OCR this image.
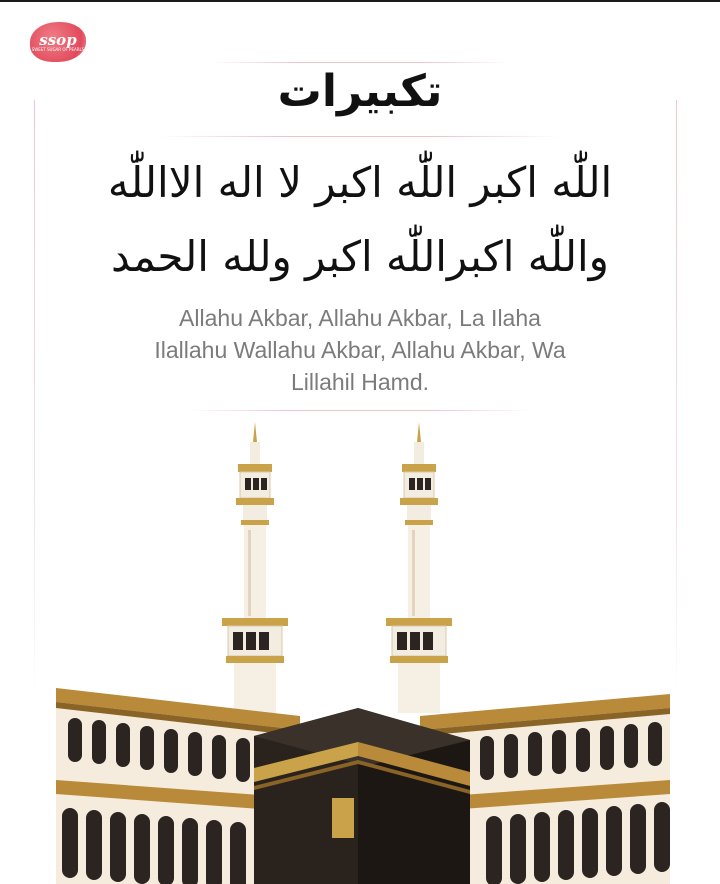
ssop
SWEET SUGAR OF PEARLS
تكبيرات
اللّٰه اکبر اللّٰه اکبر لا اله الااللّٰه
واللّٰه اکبراللّٰه اکبر ولله الحمد
Allahu Akbar, Allahu Akbar, La Ilaha
Ilallahu Wallahu Akbar, Allahu Akbar, Wa
Lillahil Hamd.
